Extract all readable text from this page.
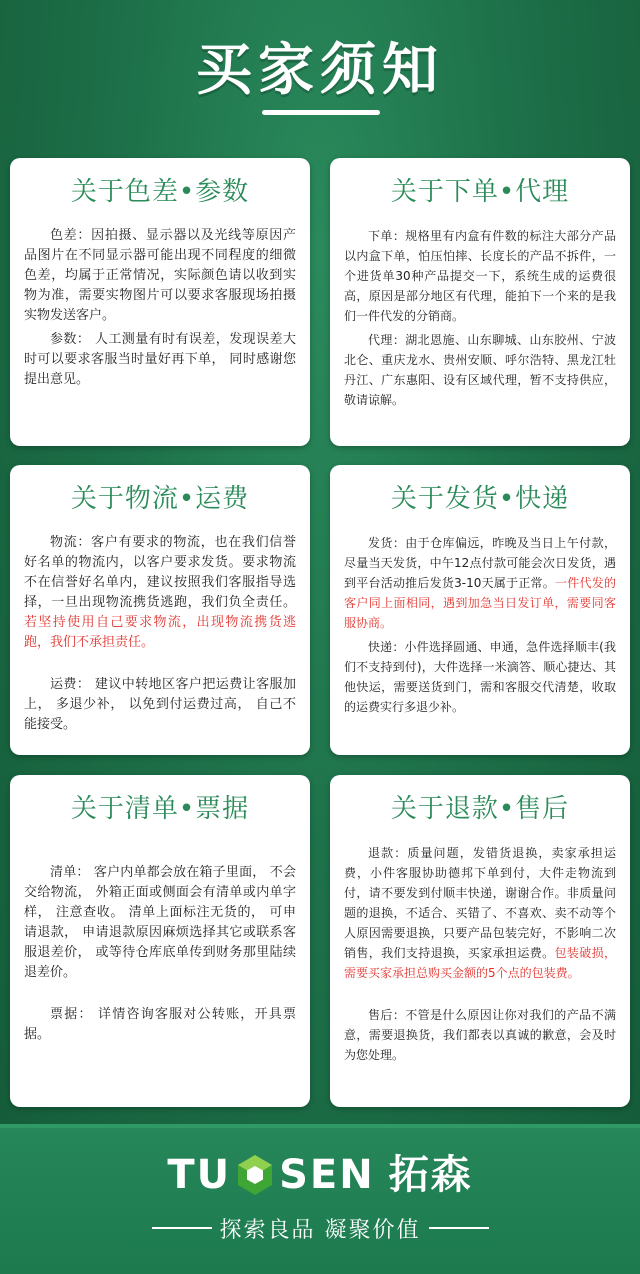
买家须知
关于色差•参数

色差：因拍摄、显示器以及光线等原因产品图片在不同显示器可能出现不同程度的细微色差，均属于正常情况，实际颜色请以收到实物为准，需要实物图片可以要求客服现场拍摄实物发送客户。

参数： 人工测量有时有误差，发现误差大时可以要求客服当时量好再下单， 同时感谢您提出意见。

关于下单•代理

下单：规格里有内盒有件数的标注大部分产品以内盒下单，怕压怕摔、长度长的产品不拆件，一个进货单30种产品提交一下，系统生成的运费很高，原因是部分地区有代理，能拍下一个来的是我们一件代发的分销商。

代理：湖北恩施、山东聊城、山东胶州、宁波北仑、重庆龙水、贵州安顺、呼尔浩特、黑龙江牡丹江、广东惠阳、设有区域代理，暂不支持供应，敬请谅解。

关于物流•运费

物流：客户有要求的物流，也在我们信誉好名单的物流内，以客户要求发货。要求物流不在信誉好名单内，建议按照我们客服指导选择，一旦出现物流携货逃跑，我们负全责任。若坚持使用自己要求物流，出现物流携货逃跑，我们不承担责任。

运费： 建议中转地区客户把运费让客服加上， 多退少补， 以免到付运费过高， 自己不能接受。

关于发货•快递

发货：由于仓库偏远，昨晚及当日上午付款，尽量当天发货，中午12点付款可能会次日发货，遇到平台活动推后发货3-10天属于正常。一件代发的客户同上面相同，遇到加急当日发订单，需要同客服协商。

快递：小件选择圆通、申通，急件选择顺丰(我们不支持到付)，大件选择一米滴答、顺心捷达、其他快运，需要送货到门，需和客服交代清楚，收取的运费实行多退少补。

关于清单•票据

清单： 客户内单都会放在箱子里面， 不会交给物流， 外箱正面或侧面会有清单或内单字样， 注意查收。 清单上面标注无货的， 可申请退款， 申请退款原因麻烦选择其它或联系客服退差价， 或等待仓库底单传到财务那里陆续退差价。

票据： 详情咨询客服对公转账，开具票据。

关于退款•售后

退款：质量问题，发错货退换，卖家承担运费，小件客服协助德邦下单到付，大件走物流到付，请不要发到付顺丰快递，谢谢合作。非质量问题的退换，不适合、买错了、不喜欢、卖不动等个人原因需要退换，只要产品包装完好，不影响二次销售，我们支持退换，买家承担运费。包装破损，需要买家承担总购买金额的5个点的包装费。

售后：不管是什么原因让你对我们的产品不满意，需要退换货，我们都表以真诚的歉意，会及时为您处理。

TU SEN 拓森
探索良品 凝聚价值
